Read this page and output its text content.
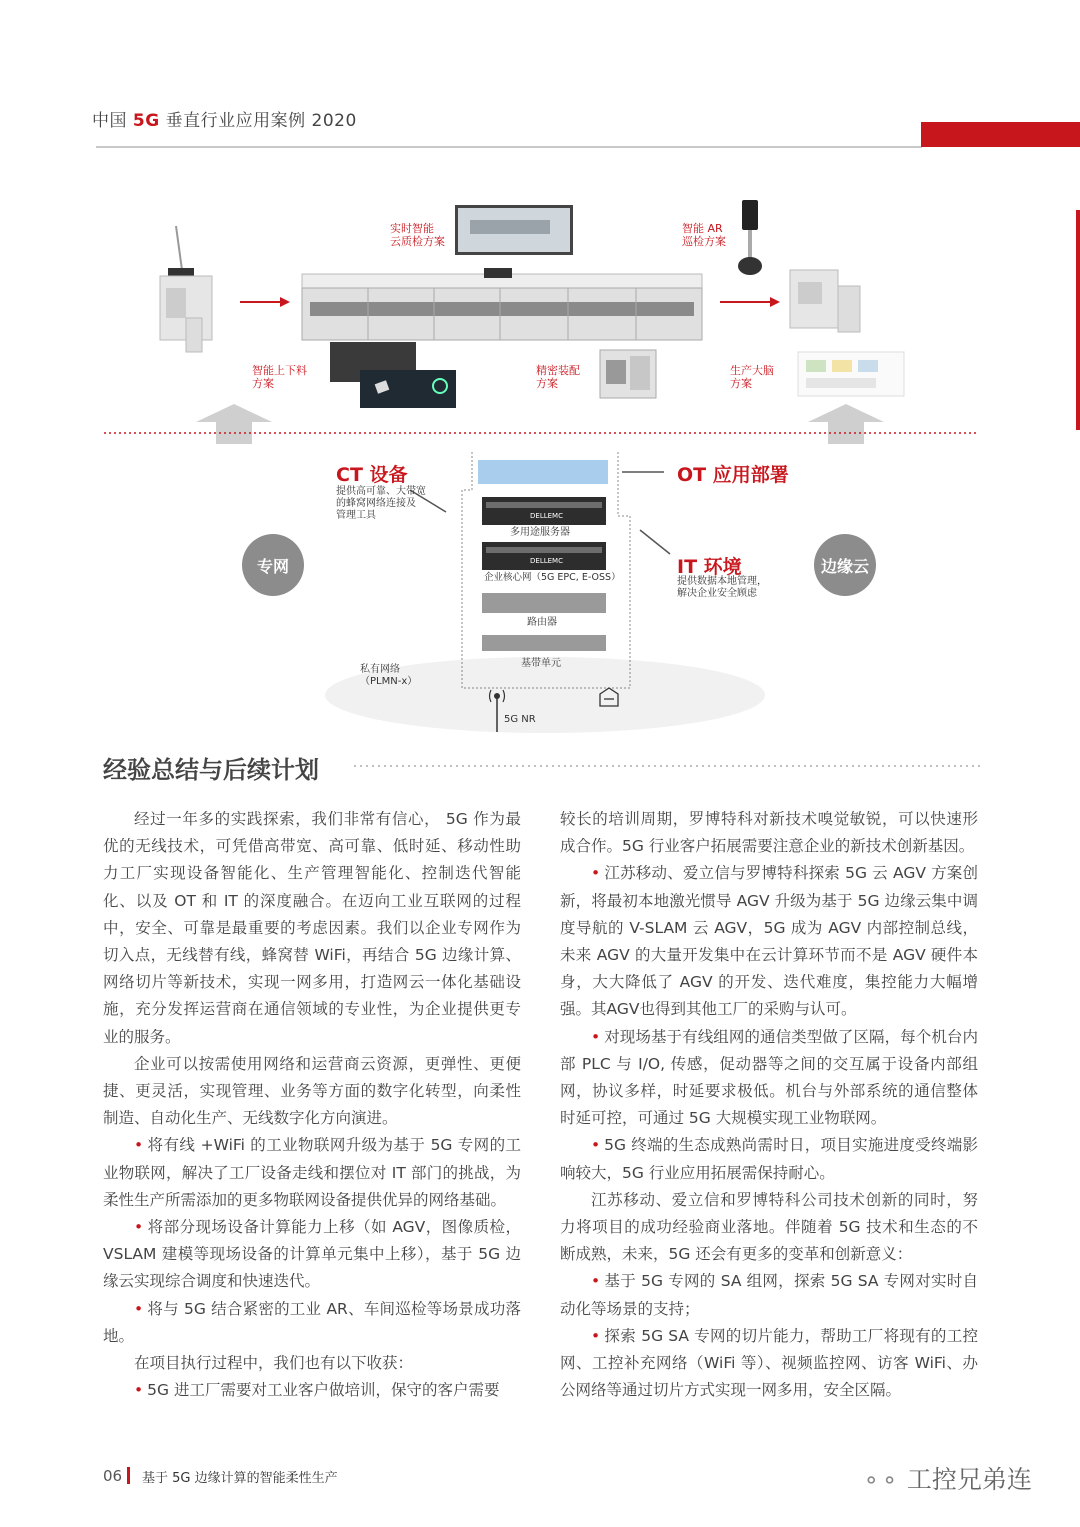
中国 5G 垂直行业应用案例 2020
实时智能
云质检方案
智能 AR
巡检方案
智能上下料
方案
精密装配
方案
生产大脑
方案
CT 设备
提供高可靠、大带宽
的蜂窝网络连接及
管理工具
OT 应用部署
IT 环境
提供数据本地管理，
解决企业安全顾虑
专网	边缘云
DELLEMC
DELLEMC
多用途服务器
企业核心网（5G EPC, E-OSS）
路由器
基带单元
私有网络
（PLMN-x）
5G NR
经验总结与后续计划

经过一年多的实践探索，我们非常有信心， 5G 作为最优的无线技术，可凭借高带宽、高可靠、低时延、移动性助力工厂实现设备智能化、生产管理智能化、控制迭代智能化、以及 OT 和 IT 的深度融合。在迈向工业互联网的过程中，安全、可靠是最重要的考虑因素。我们以企业专网作为切入点，无线替有线，蜂窝替 WiFi，再结合 5G 边缘计算、网络切片等新技术，实现一网多用，打造网云一体化基础设施，充分发挥运营商在通信领域的专业性，为企业提供更专业的服务。

企业可以按需使用网络和运营商云资源，更弹性、更便捷、更灵活，实现管理、业务等方面的数字化转型，向柔性制造、自动化生产、无线数字化方向演进。

• 将有线 +WiFi 的工业物联网升级为基于 5G 专网的工业物联网，解决了工厂设备走线和摆位对 IT 部门的挑战，为柔性生产所需添加的更多物联网设备提供优异的网络基础。

• 将部分现场设备计算能力上移（如 AGV，图像质检，VSLAM 建模等现场设备的计算单元集中上移），基于 5G 边缘云实现综合调度和快速迭代。

• 将与 5G 结合紧密的工业 AR、车间巡检等场景成功落地。

在项目执行过程中，我们也有以下收获：

• 5G 进工厂需要对工业客户做培训，保守的客户需要

较长的培训周期，罗博特科对新技术嗅觉敏锐，可以快速形成合作。5G 行业客户拓展需要注意企业的新技术创新基因。

• 江苏移动、爱立信与罗博特科探索 5G 云 AGV 方案创新，将最初本地激光惯导 AGV 升级为基于 5G 边缘云集中调度导航的 V-SLAM 云 AGV，5G 成为 AGV 内部控制总线，未来 AGV 的大量开发集中在云计算环节而不是 AGV 硬件本身，大大降低了 AGV 的开发、迭代难度，集控能力大幅增强。其AGV也得到其他工厂的采购与认可。

• 对现场基于有线组网的通信类型做了区隔，每个机台内部 PLC 与 I/O, 传感，促动器等之间的交互属于设备内部组网，协议多样，时延要求极低。机台与外部系统的通信整体时延可控，可通过 5G 大规模实现工业物联网。

• 5G 终端的生态成熟尚需时日，项目实施进度受终端影响较大，5G 行业应用拓展需保持耐心。

江苏移动、爱立信和罗博特科公司技术创新的同时，努力将项目的成功经验商业落地。伴随着 5G 技术和生态的不断成熟，未来，5G 还会有更多的变革和创新意义：

• 基于 5G 专网的 SA 组网，探索 5G SA 专网对实时自动化等场景的支持；

• 探索 5G SA 专网的切片能力，帮助工厂将现有的工控网、工控补充网络（WiFi 等）、视频监控网、访客 WiFi、办公网络等通过切片方式实现一网多用，安全区隔。

06 基于 5G 边缘计算的智能柔性生产	⚬⚬ 工控兄弟连
